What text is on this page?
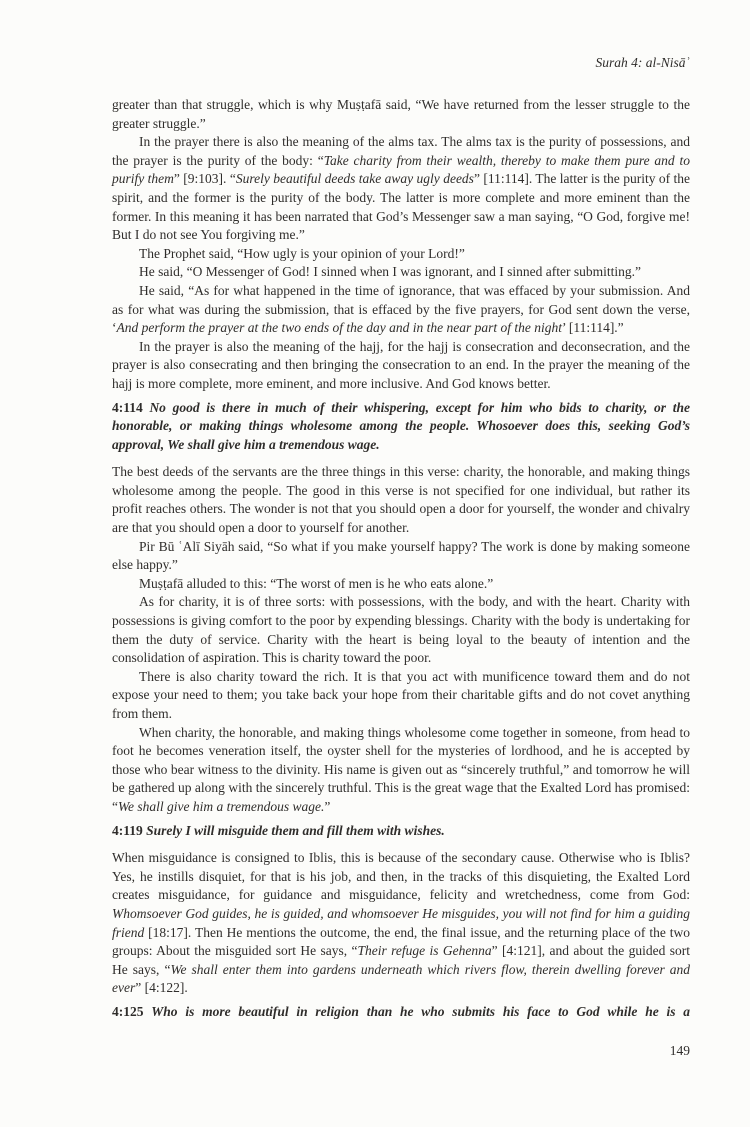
Surah 4: al-Nisāʾ

greater than that struggle, which is why Muṣṭafā said, “We have returned from the lesser struggle to the greater struggle.”

In the prayer there is also the meaning of the alms tax. The alms tax is the purity of possessions, and the prayer is the purity of the body: “Take charity from their wealth, thereby to make them pure and to purify them” [9:103]. “Surely beautiful deeds take away ugly deeds” [11:114]. The latter is the purity of the spirit, and the former is the purity of the body. The latter is more complete and more eminent than the former. In this meaning it has been narrated that God’s Messenger saw a man saying, “O God, forgive me! But I do not see You forgiving me.”

The Prophet said, “How ugly is your opinion of your Lord!”

He said, “O Messenger of God! I sinned when I was ignorant, and I sinned after submitting.”

He said, “As for what happened in the time of ignorance, that was effaced by your submission. And as for what was during the submission, that is effaced by the five prayers, for God sent down the verse, ‘And perform the prayer at the two ends of the day and in the near part of the night’ [11:114].”

In the prayer is also the meaning of the hajj, for the hajj is consecration and deconsecration, and the prayer is also consecrating and then bringing the consecration to an end. In the prayer the meaning of the hajj is more complete, more eminent, and more inclusive. And God knows better.

4:114 No good is there in much of their whispering, except for him who bids to charity, or the honorable, or making things wholesome among the people. Whosoever does this, seeking God’s approval, We shall give him a tremendous wage.

The best deeds of the servants are the three things in this verse: charity, the honorable, and making things wholesome among the people. The good in this verse is not specified for one individual, but rather its profit reaches others. The wonder is not that you should open a door for yourself, the wonder and chivalry are that you should open a door to yourself for another.

Pir Bū ʿAlī Siyāh said, “So what if you make yourself happy? The work is done by making someone else happy.”

Muṣṭafā alluded to this: “The worst of men is he who eats alone.”

As for charity, it is of three sorts: with possessions, with the body, and with the heart. Charity with possessions is giving comfort to the poor by expending blessings. Charity with the body is undertaking for them the duty of service. Charity with the heart is being loyal to the beauty of intention and the consolidation of aspiration. This is charity toward the poor.

There is also charity toward the rich. It is that you act with munificence toward them and do not expose your need to them; you take back your hope from their charitable gifts and do not covet anything from them.

When charity, the honorable, and making things wholesome come together in someone, from head to foot he becomes veneration itself, the oyster shell for the mysteries of lordhood, and he is accepted by those who bear witness to the divinity. His name is given out as “sincerely truthful,” and tomorrow he will be gathered up along with the sincerely truthful. This is the great wage that the Exalted Lord has promised: “We shall give him a tremendous wage.”

4:119 Surely I will misguide them and fill them with wishes.

When misguidance is consigned to Iblis, this is because of the secondary cause. Otherwise who is Iblis? Yes, he instills disquiet, for that is his job, and then, in the tracks of this disquieting, the Exalted Lord creates misguidance, for guidance and misguidance, felicity and wretchedness, come from God: Whomsoever God guides, he is guided, and whomsoever He misguides, you will not find for him a guiding friend [18:17]. Then He mentions the outcome, the end, the final issue, and the returning place of the two groups: About the misguided sort He says, “Their refuge is Gehenna” [4:121], and about the guided sort He says, “We shall enter them into gardens underneath which rivers flow, therein dwelling forever and ever” [4:122].

4:125 Who is more beautiful in religion than he who submits his face to God while he is a

149
